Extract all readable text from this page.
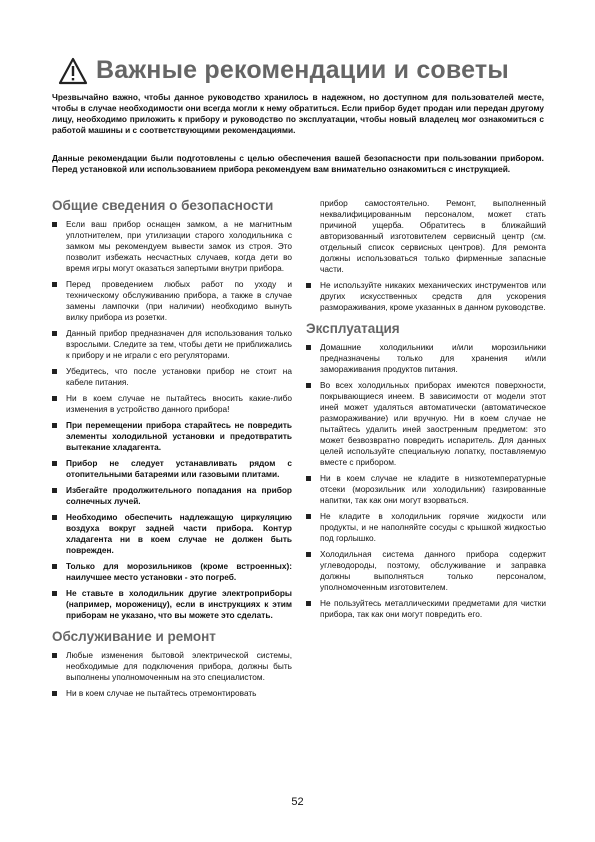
Важные рекомендации и советы

Чрезвычайно важно, чтобы данное руководство хранилось в надежном, но доступном для пользователей месте, чтобы в случае необходимости они всегда могли к нему обратиться. Если прибор будет продан или передан другому лицу, необходимо приложить к прибору и руководство по эксплуатации, чтобы новый владелец мог ознакомиться с работой машины и с соответствующими рекомендациями.

Данные рекомендации были подготовлены с целью обеспечения вашей безопасности при пользовании прибором. Перед установкой или использованием прибора рекомендуем вам внимательно ознакомиться с инструкцией.

Общие сведения о безопасности
Если ваш прибор оснащен замком, а не магнитным уплотнителем, при утилизации старого холодильника с замком мы рекомендуем вывести замок из строя. Это позволит избежать несчастных случаев, когда дети во время игры могут оказаться запертыми внутри прибора.
Перед проведением любых работ по уходу и техническому обслуживанию прибора, а также в случае замены лампочки (при наличии) необходимо вынуть вилку прибора из розетки.
Данный прибор предназначен для использования только взрослыми. Следите за тем, чтобы дети не приближались к прибору и не играли с его регуляторами.
Убедитесь, что после установки прибор не стоит на кабеле питания.
Ни в коем случае не пытайтесь вносить какие-либо изменения в устройство данного прибора!
При перемещении прибора старайтесь не повредить элементы холодильной установки и предотвратить вытекание хладагента.
Прибор не следует устанавливать рядом с отопительными батареями или газовыми плитами.
Избегайте продолжительного попадания на прибор солнечных лучей.
Необходимо обеспечить надлежащую циркуляцию воздуха вокруг задней части прибора. Контур хладагента ни в коем случае не должен быть поврежден.
Только для морозильников (кроме встроенных): наилучшее место установки - это погреб.
Не ставьте в холодильник другие электроприборы (например, мороженицу), если в инструкциях к этим приборам не указано, что вы можете это сделать.
Обслуживание и ремонт
Любые изменения бытовой электрической системы, необходимые для подключения прибора, должны быть выполнены уполномоченным на это специалистом.
Ни в коем случае не пытайтесь отремонтировать

прибор самостоятельно. Ремонт, выполненный неквалифицированным персоналом, может стать причиной ущерба. Обратитесь в ближайший авторизованный изготовителем сервисный центр (см. отдельный список сервисных центров). Для ремонта должны использоваться только фирменные запасные части.

Не используйте никаких механических инструментов или других искусственных средств для ускорения размораживания, кроме указанных в данном руководстве.
Эксплуатация
Домашние холодильники и/или морозильники предназначены только для хранения и/или замораживания продуктов питания.
Во всех холодильных приборах имеются поверхности, покрывающиеся инеем. В зависимости от модели этот иней может удаляться автоматически (автоматическое размораживание) или вручную. Ни в коем случае не пытайтесь удалить иней заостренным предметом: это может безвозвратно повредить испаритель. Для данных целей используйте специальную лопатку, поставляемую вместе с прибором.
Ни в коем случае не кладите в низкотемпературные отсеки (морозильник или холодильник) газированные напитки, так как они могут взорваться.
Не кладите в холодильник горячие жидкости или продукты, и не наполняйте сосуды с крышкой жидкостью под горлышко.
Холодильная система данного прибора содержит углеводороды, поэтому, обслуживание и заправка должны выполняться только персоналом, уполномоченным изготовителем.
Не пользуйтесь металлическими предметами для чистки прибора, так как они могут повредить его.
52
